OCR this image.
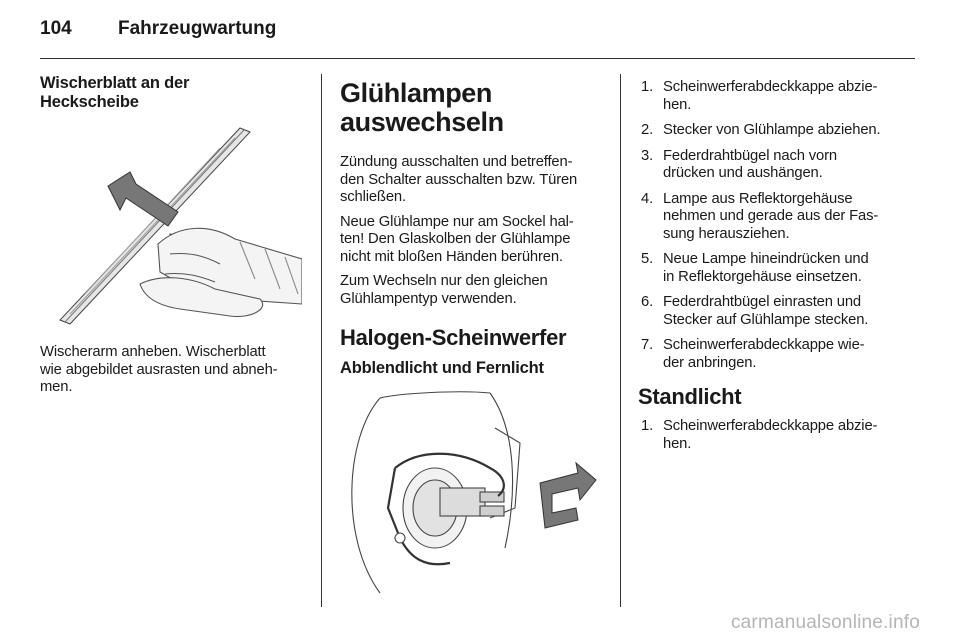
104 Fahrzeugwartung
Wischerblatt an der
Heckscheibe

Wischerarm anheben. Wischerblatt

wie abgebildet ausrasten und abneh-

men.

Glühlampen
auswechseln

Zündung ausschalten und betreffen-

den Schalter ausschalten bzw. Türen

schließen.

Neue Glühlampe nur am Sockel hal-

ten! Den Glaskolben der Glühlampe

nicht mit bloßen Händen berühren.

Zum Wechseln nur den gleichen

Glühlampentyp verwenden.

Halogen-Scheinwerfer
Abblendlicht und Fernlicht
1. Scheinwerferabdeckkappe abzie-
hen.
2. Stecker von Glühlampe abziehen.
3. Federdrahtbügel nach vorn
drücken und aushängen.
4. Lampe aus Reflektorgehäuse
nehmen und gerade aus der Fas-
sung herausziehen.
5. Neue Lampe hineindrücken und
in Reflektorgehäuse einsetzen.
6. Federdrahtbügel einrasten und
Stecker auf Glühlampe stecken.
7. Scheinwerferabdeckkappe wie-
der anbringen.
Standlicht
1. Scheinwerferabdeckkappe abzie-
hen.
carmanualsonline.info
